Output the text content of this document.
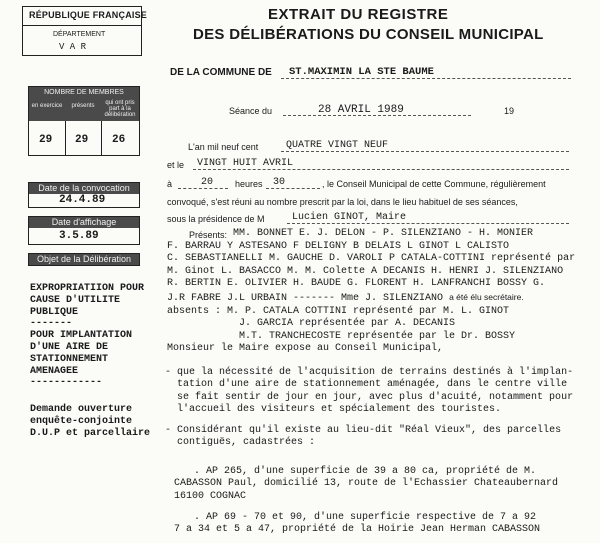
RÉPUBLIQUE FRANÇAISE
DÉPARTEMENT
V A R
NOMBRE DE MEMBRES
en exercice	présents	qui ont pris part à la délibération
29 29 26
Date de la convocation
24.4.89
Date d'affichage
3.5.89
Objet de la Délibération
EXPROPRIATIION POUR
CAUSE D'UTILITE
PUBLIQUE
-------
POUR IMPLANTATION
D'UNE AIRE DE
STATIONNEMENT
AMENAGEE
------------
Demande ouverture
enquête-conjointe
D.U.P et parcellaire
EXTRAIT DU REGISTRE
DES DÉLIBÉRATIONS DU CONSEIL MUNICIPAL
DE LA COMMUNE DE ST.MAXIMIN LA STE BAUME
Séance du	28 AVRIL 1989	19
L'an mil neuf cent	QUATRE VINGT NEUF
et le VINGT HUIT AVRIL
à	20 heures 30	, le Conseil Municipal de cette Commune, régulièrement
convoqué, s'est réuni au nombre prescrit par la loi, dans le lieu habituel de ses séances,
sous la présidence de M	Lucien GINOT, Maire
Présents: MM. BONNET E. J. DELON - P. SILENZIANO - H. MONIER
F. BARRAU Y ASTESANO F DELIGNY B DELAIS L GINOT L CALISTO
C. SEBASTIANELLI M. GAUCHE D. VAROLI P CATALA-COTTINI représenté par
M. Ginot L. BASACCO M. M. Colette A DECANIS H. HENRI J. SILENZIANO
R. BERTIN E. OLIVIER H. BAUDE G. FLORENT H. LANFRANCHI BOSSY G.
J.R FABRE J.L URBAIN ------- Mme J. SILENZIANO a été élu secrétaire.
absents : M. P. CATALA COTTINI représenté par M. L. GINOT
J. GARCIA représentée par A. DECANIS
M.T. TRANCHECOSTE représentée par le Dr. BOSSY
Monsieur le Maire expose au Conseil Municipal,
- que la nécessité de l'acquisition de terrains destinés à l'implan-
tation d'une aire de stationnement aménagée, dans le centre ville
se fait sentir de jour en jour, avec plus d'acuité, notamment pour
l'accueil des visiteurs et spécialement des touristes.
- Considérant qu'il existe au lieu-dit "Réal Vieux", des parcelles
contiguës, cadastrées :
. AP 265, d'une superficie de 39 a 80 ca, propriété de M.
CABASSON Paul, domicilié 13, route de l'Echassier Chateaubernard
16100 COGNAC
. AP 69 - 70 et 90, d'une superficie respective de 7 a 92
7 a 34 et 5 a 47, propriété de la Hoirie Jean Herman CABASSON
